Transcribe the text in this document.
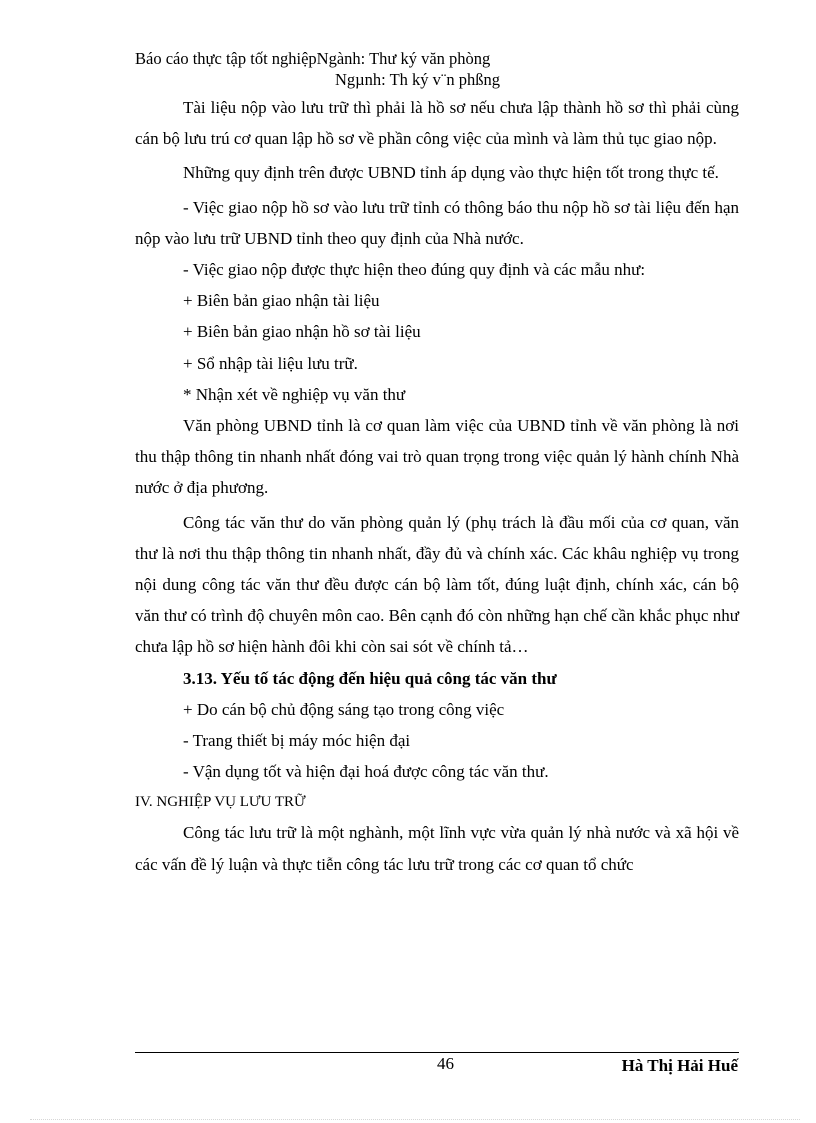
Báo cáo thực tập tốt nghiệpNgành: Thư ký văn phòng
Ngµnh: Th ký v¨n phßng

Tài liệu nộp vào lưu trữ thì phải là hồ sơ nếu chưa lập thành hồ sơ thì phải cùng cán bộ lưu trú cơ quan lập hồ sơ về phần công việc của mình và làm thủ tục giao nộp.

Những quy định trên được UBND tỉnh áp dụng vào thực hiện tốt trong thực tế.

- Việc giao nộp hồ sơ vào lưu trữ tỉnh có thông báo thu nộp hồ sơ tài liệu đến hạn nộp vào lưu trữ UBND tỉnh theo quy định của Nhà nước.

- Việc giao nộp được thực hiện theo đúng quy định và các mẫu như:

+ Biên bản giao nhận tài liệu

+ Biên bản giao nhận hồ sơ tài liệu

+ Sổ nhập tài liệu lưu trữ.

* Nhận xét về nghiệp vụ văn thư

Văn phòng UBND tỉnh là cơ quan làm việc của UBND tỉnh về văn phòng là nơi thu thập thông tin nhanh nhất đóng vai trò quan trọng trong việc quản lý hành chính Nhà nước ở địa phương.

Công tác văn thư do văn phòng quản lý (phụ trách là đầu mối của cơ quan, văn thư là nơi thu thập thông tin nhanh nhất, đầy đủ và chính xác. Các khâu nghiệp vụ trong nội dung công tác văn thư đều được cán bộ làm tốt, đúng luật định, chính xác, cán bộ văn thư có trình độ chuyên môn cao. Bên cạnh đó còn những hạn chế cần khắc phục như chưa lập hồ sơ hiện hành đôi khi còn sai sót về chính tả…

3.13. Yếu tố tác động đến hiệu quả công tác văn thư

+ Do cán bộ chủ động sáng tạo trong công việc

- Trang thiết bị máy móc hiện đại

- Vận dụng tốt và hiện đại hoá được công tác văn thư.

IV. NGHIỆP VỤ LƯU TRỮ

Công tác lưu trữ là một nghành, một lĩnh vực vừa quản lý nhà nước và xã hội về các vấn đề lý luận và thực tiễn công tác lưu trữ trong các cơ quan tổ chức

46	Hà Thị Hải Huế
